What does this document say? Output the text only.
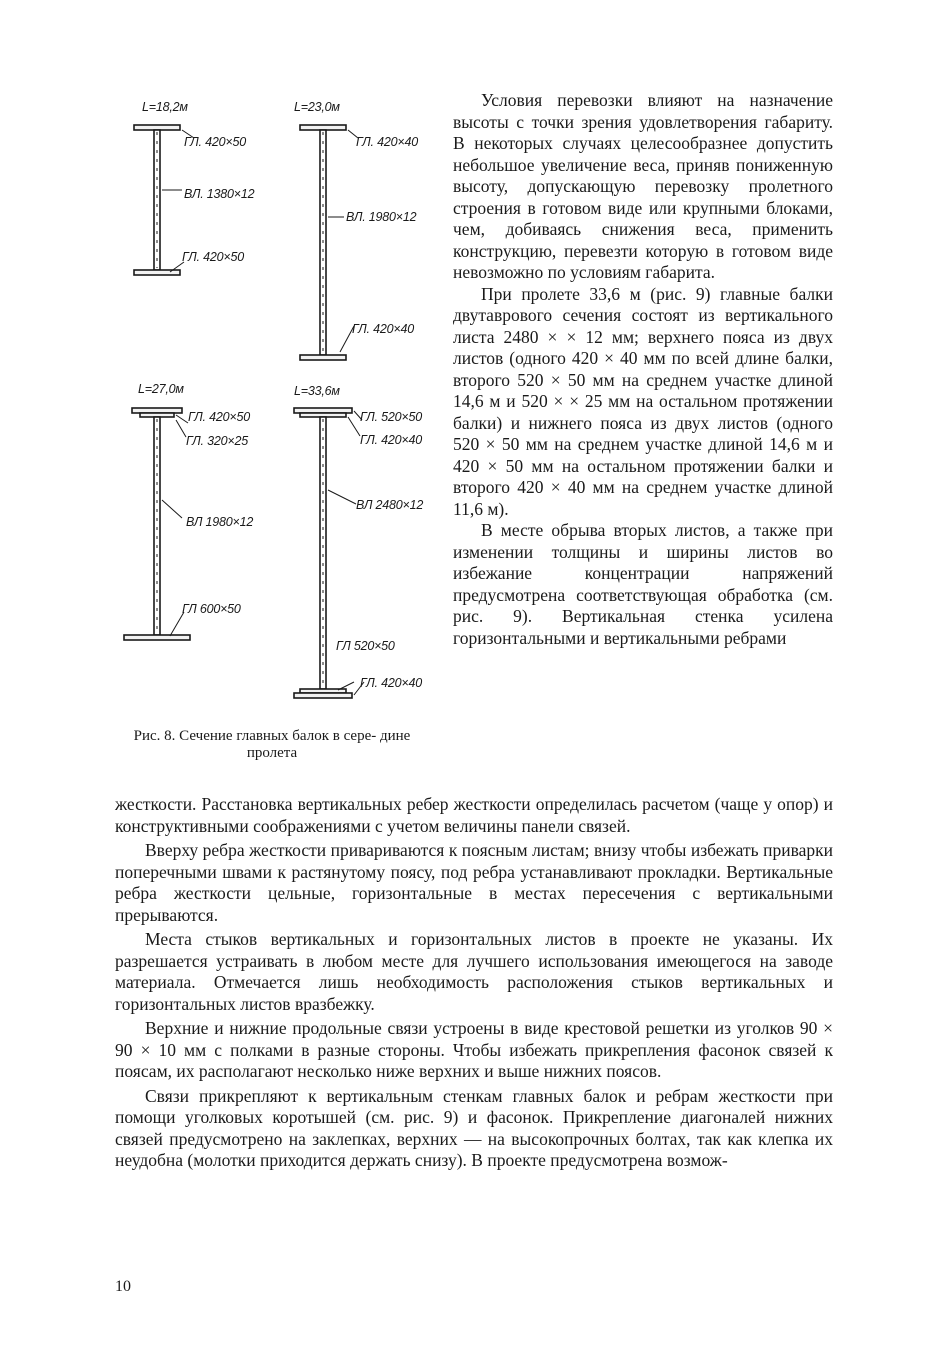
L=18,2м
ГЛ. 420×50
ВЛ. 1380×12
ГЛ. 420×50
L=23,0м
ГЛ. 420×40
ВЛ. 1980×12
ГЛ. 420×40
L=27,0м
ГЛ. 420×50
ГЛ. 320×25
ВЛ 1980×12
ГЛ 600×50
L=33,6м
ГЛ. 520×50
ГЛ. 420×40
ВЛ 2480×12
ГЛ 520×50
ГЛ. 420×40
Рис. 8. Сечение главных балок в сере- дине пролета

Условия перевозки влияют на назначение высоты с точки зрения удовлетворения габариту. В некоторых случаях целесообразнее допустить небольшое увеличение веса, приняв пониженную высоту, допускающую перевозку пролетного строения в готовом виде или крупными блоками, чем, добиваясь снижения веса, применить конструкцию, перевезти которую в готовом виде невозможно по условиям габарита.

При пролете 33,6 м (рис. 9) главные балки двутаврового сечения состоят из вертикального листа 2480 × × 12 мм; верхнего пояса из двух листов (одного 420 × 40 мм по всей длине балки, второго 520 × 50 мм на среднем участке длиной 14,6 м и 520 × × 25 мм на остальном протяжении балки) и нижнего пояса из двух листов (одного 520 × 50 мм на среднем участке длиной 14,6 м и 420 × 50 мм на остальном протяжении балки и второго 420 × 40 мм на среднем участке длиной 11,6 м).

В месте обрыва вторых листов, а также при изменении толщины и ширины листов во избежание концентрации напряжений предусмотрена соответствующая обработка (см. рис. 9). Вертикальная стенка усилена горизонтальными и вертикальными ребрами

жесткости. Расстановка вертикальных ребер жесткости определилась расчетом (чаще у опор) и конструктивными соображениями с учетом величины панели связей.

Вверху ребра жесткости привариваются к поясным листам; внизу чтобы избежать приварки поперечными швами к растянутому поясу, под ребра устанавливают прокладки. Вертикальные ребра жесткости цельные, горизонтальные в местах пересечения с вертикальными прерываются.

Места стыков вертикальных и горизонтальных листов в проекте не указаны. Их разрешается устраивать в любом месте для лучшего использования имеющегося на заводе материала. Отмечается лишь необходимость расположения стыков вертикальных и горизонтальных листов вразбежку.

Верхние и нижние продольные связи устроены в виде крестовой решетки из уголков 90 × 90 × 10 мм с полками в разные стороны. Чтобы избежать прикрепления фасонок связей к поясам, их располагают несколько ниже верхних и выше нижних поясов.

Связи прикрепляют к вертикальным стенкам главных балок и ребрам жесткости при помощи уголковых коротышей (см. рис. 9) и фасонок. Прикрепление диагоналей нижних связей предусмотрено на заклепках, верхних — на высокопрочных болтах, так как клепка их неудобна (молотки приходится держать снизу). В проекте предусмотрена возмож-

10
